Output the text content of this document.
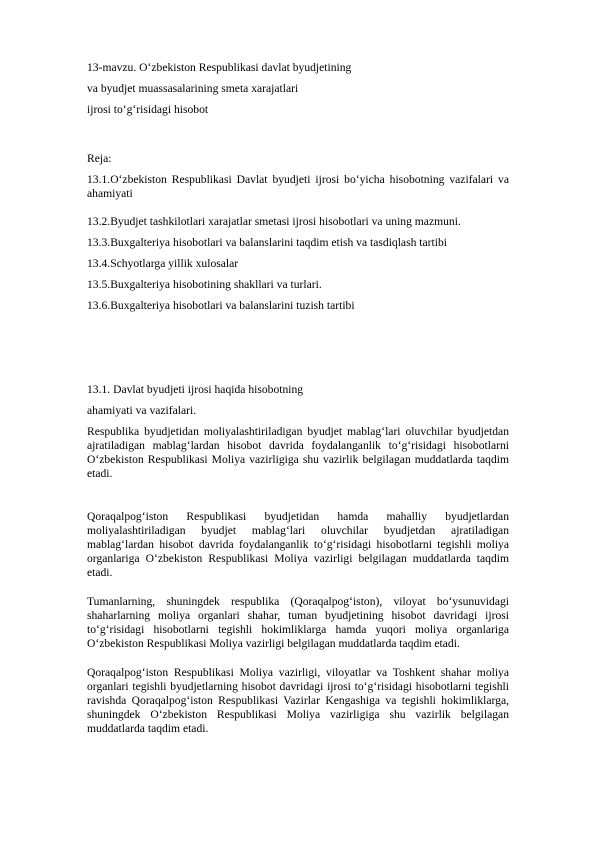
13-mavzu. O‘zbekiston Respublikasi davlat byudjetining
va byudjet muassasalarining smeta xarajatlari
ijrosi to‘g‘risidagi hisobot
Reja:
13.1.O‘zbekiston Respublikasi Davlat byudjeti ijrosi bo‘yicha hisobotning vazifalari va ahamiyati
13.2.Byudjet tashkilotlari xarajatlar smetasi ijrosi hisobotlari va uning mazmuni.
13.3.Buxgalteriya hisobotlari va balanslarini taqdim etish va tasdiqlash tartibi
13.4.Schyotlarga yillik xulosalar
13.5.Buxgalteriya hisobotining shakllari va turlari.
13.6.Buxgalteriya hisobotlari va balanslarini tuzish tartibi
13.1. Davlat byudjeti ijrosi haqida hisobotning
ahamiyati va vazifalari.
Respublika byudjetidan moliyalashtiriladigan byudjet mablag‘lari oluvchilar byudjetdan ajratiladigan mablag‘lardan hisobot davrida foydalanganlik to‘g‘risidagi hisobotlarni O‘zbekiston Respublikasi Moliya vazirligiga shu vazirlik belgilagan muddatlarda taqdim etadi.
Qoraqalpog‘iston Respublikasi byudjetidan hamda mahalliy byudjetlardan moliyalashtiriladigan byudjet mablag‘lari oluvchilar byudjetdan ajratiladigan mablag‘lardan hisobot davrida foydalanganlik to‘g‘risidagi hisobotlarni tegishli moliya organlariga O‘zbekiston Respublikasi Moliya vazirligi belgilagan muddatlarda taqdim etadi.
Tumanlarning, shuningdek respublika (Qoraqalpog‘iston), viloyat bo‘ysunuvidagi shaharlarning moliya organlari shahar, tuman byudjetining hisobot davridagi ijrosi to‘g‘risidagi hisobotlarni tegishli hokimliklarga hamda yuqori moliya organlariga O‘zbekiston Respublikasi Moliya vazirligi belgilagan muddatlarda taqdim etadi.
Qoraqalpog‘iston Respublikasi Moliya vazirligi, viloyatlar va Toshkent shahar moliya organlari tegishli byudjetlarning hisobot davridagi ijrosi to‘g‘risidagi hisobotlarni tegishli ravishda Qoraqalpog‘iston Respublikasi Vazirlar Kengashiga va tegishli hokimliklarga, shuningdek O‘zbekiston Respublikasi Moliya vazirligiga shu vazirlik belgilagan muddatlarda taqdim etadi.
